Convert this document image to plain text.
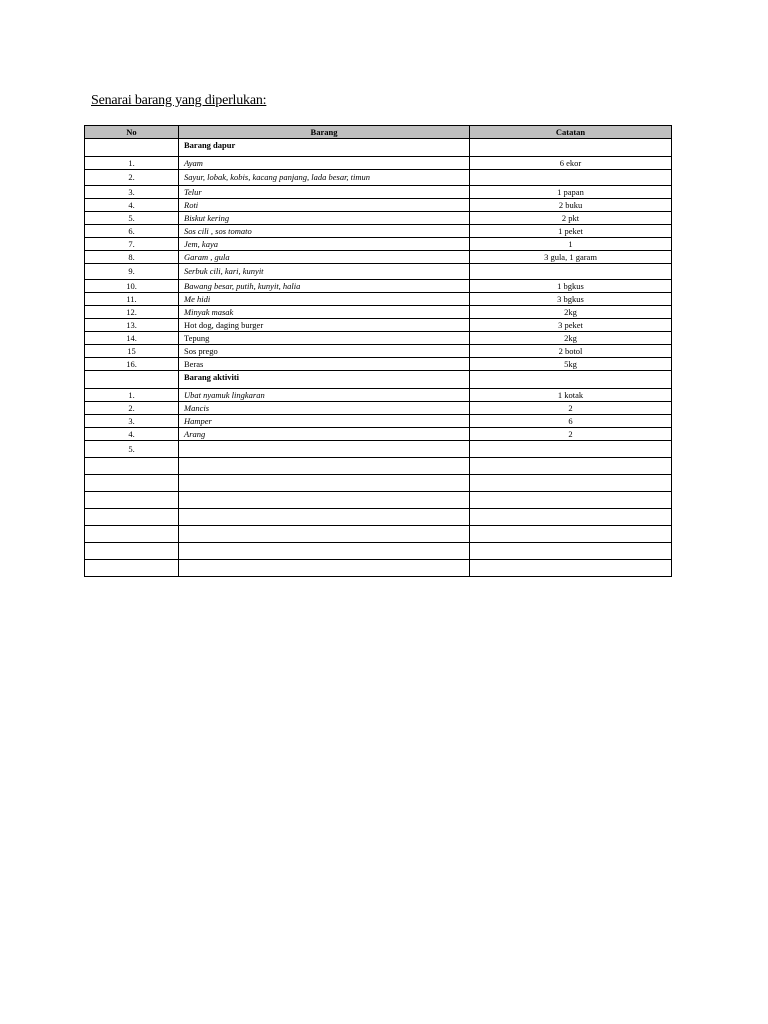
Senarai barang yang diperlukan:
No	Barang	Catatan
	Barang dapur	
1.	Ayam	6 ekor
2.	Sayur, lobak, kobis, kacang panjang, lada besar, timun	
3.	Telur	1 papan
4.	Roti	2 buku
5.	Biskut kering	2 pkt
6.	Sos cili , sos tomato	1 peket
7.	Jem, kaya	1
8.	Garam , gula	3 gula, 1 garam
9.	Serbuk cili, kari, kunyit	
10.	Bawang besar, putih, kunyit, halia	1 bgkus
11.	Me hidi	3 bgkus
12.	Minyak masak	2kg
13.	Hot dog, daging burger	3 peket
14.	Tepung	2kg
15	Sos prego	2 botol
16.	Beras	5kg
	Barang aktiviti	
1.	Ubat nyamuk lingkaran	1 kotak
2.	Mancis	2
3.	Hamper	6
4.	Arang	2
5.		
